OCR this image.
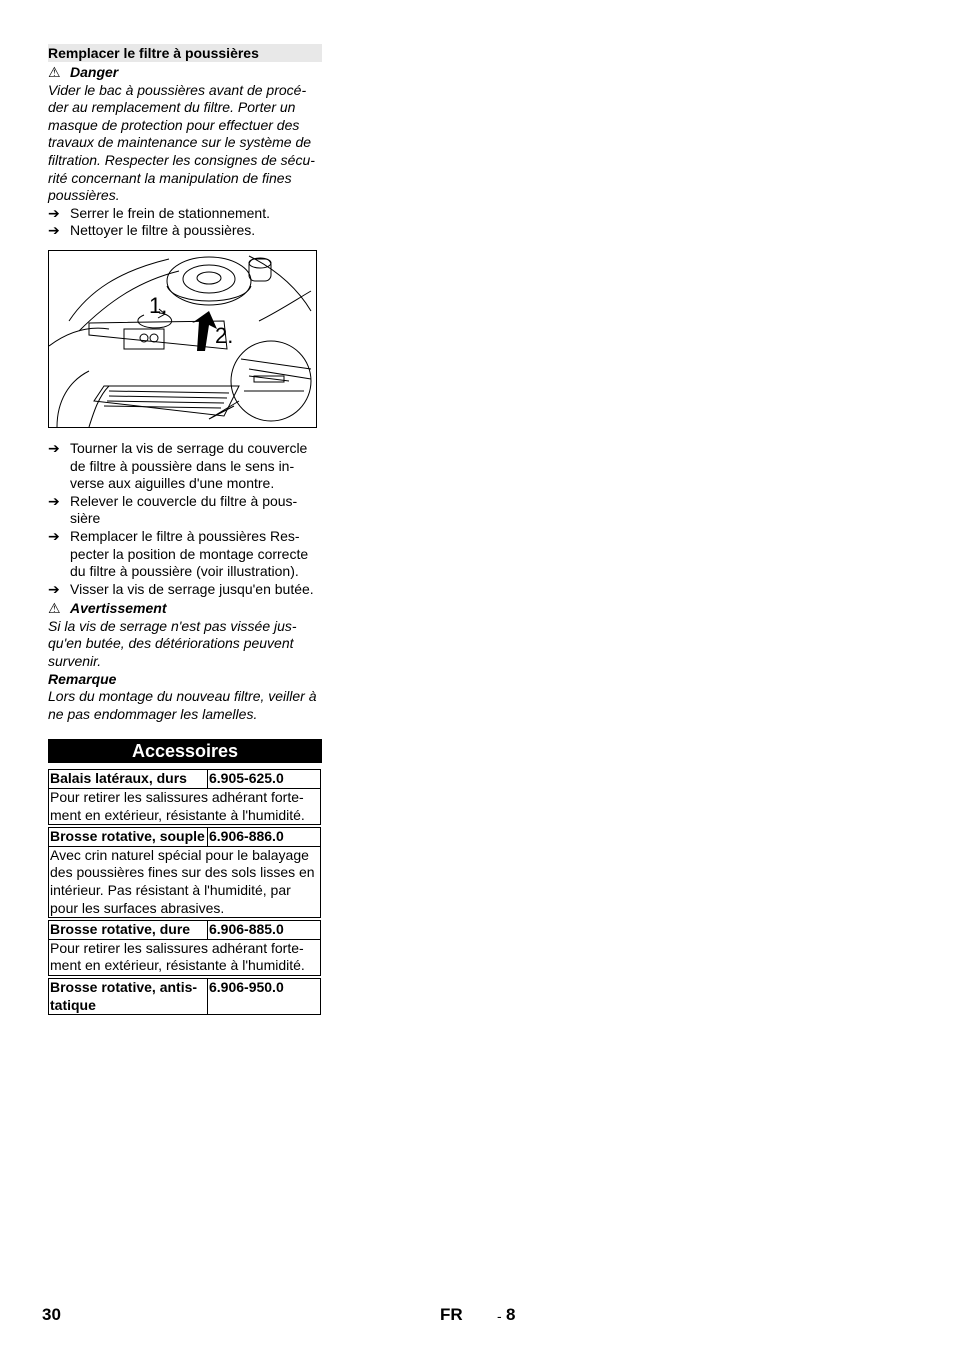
Remplacer le filtre à poussières
⚠ Danger
Vider le bac à poussières avant de procé-der au remplacement du filtre. Porter un masque de protection pour effectuer des travaux de maintenance sur le système de filtration. Respecter les consignes de sécu-rité concernant la manipulation de fines poussières.
➔ Serrer le frein de stationnement.
➔ Nettoyer le filtre à poussières.
1.
2.
➔ Tourner la vis de serrage du couvercle de filtre à poussière dans le sens in-verse aux aiguilles d'une montre.
➔ Relever le couvercle du filtre à pous-sière
➔ Remplacer le filtre à poussières Res-pecter la position de montage correcte du filtre à poussière (voir illustration).
➔ Visser la vis de serrage jusqu'en butée.
⚠ Avertissement
Si la vis de serrage n'est pas vissée jus-qu'en butée, des détériorations peuvent survenir.
Remarque
Lors du montage du nouveau filtre, veiller à ne pas endommager les lamelles.
Accessoires
Balais latéraux, durs	6.905-625.0
Pour retirer les salissures adhérant forte-ment en extérieur, résistante à l'humidité.
Brosse rotative, souple	6.906-886.0
Avec crin naturel spécial pour le balayage des poussières fines sur des sols lisses en intérieur. Pas résistant à l'humidité, par pour les surfaces abrasives.
Brosse rotative, dure	6.906-885.0
Pour retirer les salissures adhérant forte-ment en extérieur, résistante à l'humidité.
Brosse rotative, antis-tatique	6.906-950.0
30	FR - 8
